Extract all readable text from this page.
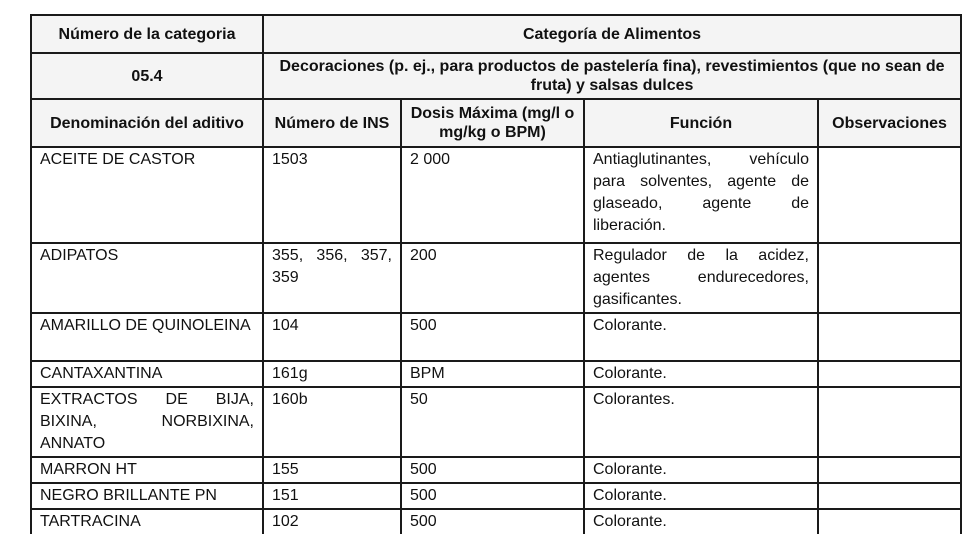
Número de la categoria	Categoría de Alimentos			
05.4	Decoraciones (p. ej., para productos de pastelería fina), revestimientos (que no sean de fruta) y salsas dulces			
Denominación del aditivo	Número de INS	Dosis Máxima (mg/l o mg/kg o BPM)	Función	Observaciones
ACEITE DE CASTOR	1503	2 000	Antiaglutinantes, vehículo para solventes, agente de glaseado, agente de liberación.	
ADIPATOS	355, 356, 357, 359	200	Regulador de la acidez, agentes endurecedores, gasificantes.	
AMARILLO DE QUINOLEINA	104	500	Colorante.	
CANTAXANTINA	161g	BPM	Colorante.	
EXTRACTOS DE BIJA, BIXINA, NORBIXINA, ANNATO	160b	50	Colorantes.	
MARRON HT	155	500	Colorante.	
NEGRO BRILLANTE PN	151	500	Colorante.	
TARTRACINA	102	500	Colorante.	
